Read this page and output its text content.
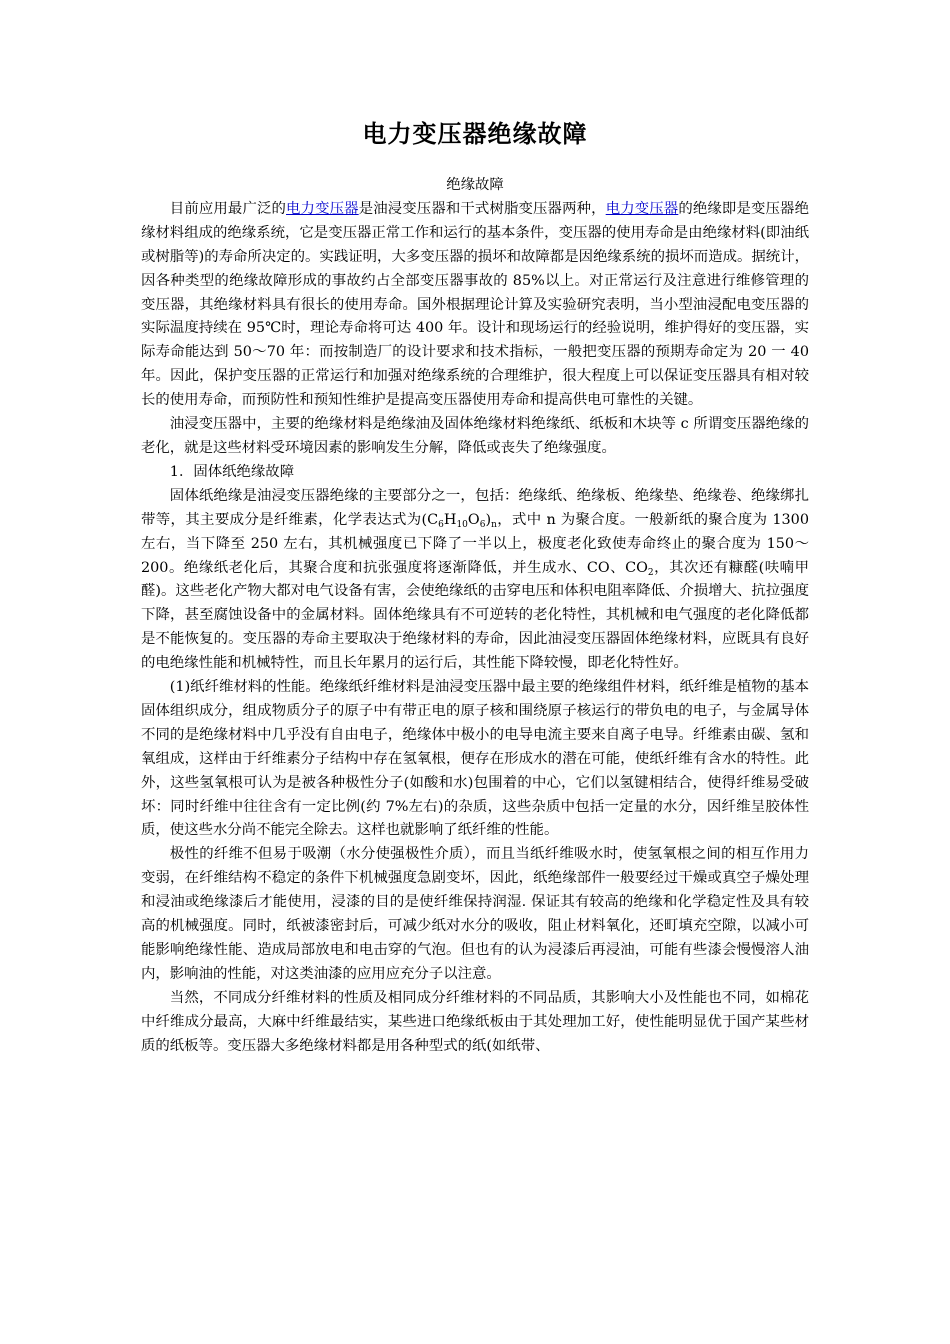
电力变压器绝缘故障
绝缘故障

目前应用最广泛的电力变压器是油浸变压器和干式树脂变压器两种，电力变压器的绝缘即是变压器绝缘材料组成的绝缘系统，它是变压器正常工作和运行的基本条件，变压器的使用寿命是由绝缘材料(即油纸或树脂等)的寿命所决定的。实践证明，大多变压器的损坏和故障都是因绝缘系统的损坏而造成。据统计，因各种类型的绝缘故障形成的事故约占全部变压器事故的 85%以上。对正常运行及注意进行维修管理的变压器，其绝缘材料具有很长的使用寿命。国外根据理论计算及实验研究表明，当小型油浸配电变压器的实际温度持续在 95℃时，理论寿命将可达 400 年。设计和现场运行的经验说明，维护得好的变压器，实际寿命能达到 50～70 年：而按制造厂的设计要求和技术指标，一般把变压器的预期寿命定为 20 一 40 年。因此，保护变压器的正常运行和加强对绝缘系统的合理维护，很大程度上可以保证变压器具有相对较长的使用寿命，而预防性和预知性维护是提高变压器使用寿命和提高供电可靠性的关键。

油浸变压器中，主要的绝缘材料是绝缘油及固体绝缘材料绝缘纸、纸板和木块等 c 所谓变压器绝缘的老化，就是这些材料受环境因素的影响发生分解，降低或丧失了绝缘强度。

1．固体纸绝缘故障

固体纸绝缘是油浸变压器绝缘的主要部分之一，包括：绝缘纸、绝缘板、绝缘垫、绝缘卷、绝缘绑扎带等，其主要成分是纤维素，化学表达式为$(C_6H_{10}O_6)_n$，式中 n 为聚合度。一般新纸的聚合度为 1300 左右，当下降至 250 左右，其机械强度已下降了一半以上，极度老化致使寿命终止的聚合度为 150～200。绝缘纸老化后，其聚合度和抗张强度将逐渐降低，并生成水、CO、$CO_2$，其次还有糠醛(呋喃甲醛)。这些老化产物大都对电气设备有害，会使绝缘纸的击穿电压和体积电阻率降低、介损增大、抗拉强度下降，甚至腐蚀设备中的金属材料。固体绝缘具有不可逆转的老化特性，其机械和电气强度的老化降低都是不能恢复的。变压器的寿命主要取决于绝缘材料的寿命，因此油浸变压器固体绝缘材料，应既具有良好的电绝缘性能和机械特性，而且长年累月的运行后，其性能下降较慢，即老化特性好。

(1)纸纤维材料的性能。绝缘纸纤维材料是油浸变压器中最主要的绝缘组件材料，纸纤维是植物的基本固体组织成分，组成物质分子的原子中有带正电的原子核和围绕原子核运行的带负电的电子，与金属导体不同的是绝缘材料中几乎没有自由电子，绝缘体中极小的电导电流主要来自离子电导。纤维素由碳、氢和氧组成，这样由于纤维素分子结构中存在氢氧根，便存在形成水的潜在可能，使纸纤维有含水的特性。此外，这些氢氧根可认为是被各种极性分子(如酸和水)包围着的中心，它们以氢键相结合，使得纤维易受破坏：同时纤维中往往含有一定比例(约 7%左右)的杂质，这些杂质中包括一定量的水分，因纤维呈胶体性质，使这些水分尚不能完全除去。这样也就影响了纸纤维的性能。

极性的纤维不但易于吸潮（水分使强极性介质），而且当纸纤维吸水时，使氢氧根之间的相互作用力变弱，在纤维结构不稳定的条件下机械强度急剧变坏，因此，纸绝缘部件一般要经过干燥或真空子燥处理和浸油或绝缘漆后才能使用，浸漆的目的是使纤维保持润湿. 保证其有较高的绝缘和化学稳定性及具有较高的机械强度。同时，纸被漆密封后，可减少纸对水分的吸收，阻止材料氧化，还町填充空隙，以减小可能影响绝缘性能、造成局部放电和电击穿的气泡。但也有的认为浸漆后再浸油，可能有些漆会慢慢溶人油内，影响油的性能，对这类油漆的应用应充分子以注意。

当然，不同成分纤维材料的性质及相同成分纤维材料的不同品质，其影响大小及性能也不同，如棉花中纤维成分最高，大麻中纤维最结实，某些进口绝缘纸板由于其处理加工好，使性能明显优于国产某些材质的纸板等。变压器大多绝缘材料都是用各种型式的纸(如纸带、
